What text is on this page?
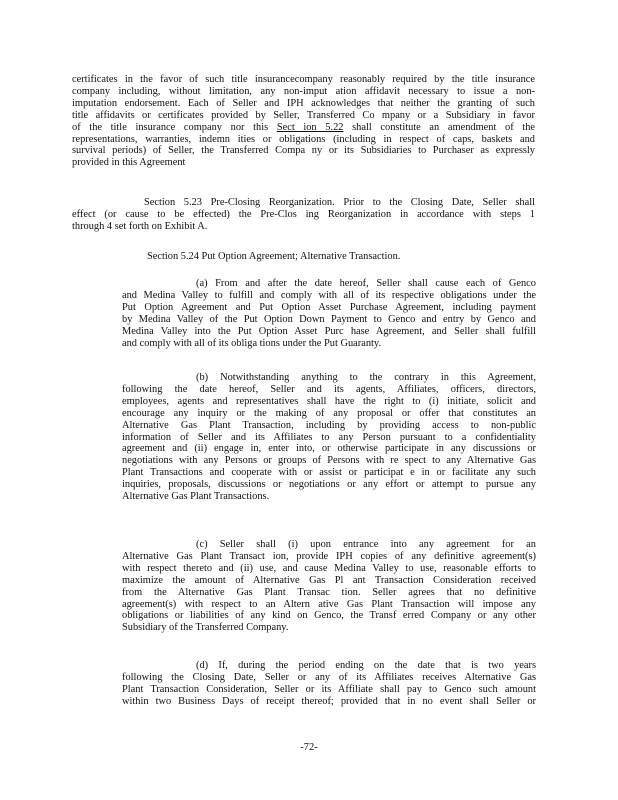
certificates in the favor of such title insurancecompany reasonably required by the title insurance
company including, without limitation, any non-imput ation affidavit necessary to issue a non-
imputation endorsement. Each of Seller and IPH acknowledges that neither the granting of such
title affidavits or certificates provided by Seller, Transferred Co mpany or a Subsidiary in favor
of the title insurance company nor this Sect ion 5.22 shall constitute an amendment of the
representations, warranties, indemn ities or obligations (including in respect of caps, baskets and
survival periods) of Seller, the Transferred Compa ny or its Subsidiaries to Purchaser as expressly
provided in this Agreement

Section 5.23 Pre-Closing Reorganization. Prior to the Closing Date, Seller shall
effect (or cause to be effected) the Pre-Clos ing Reorganization in accordance with steps 1
through 4 set forth on Exhibit A.

Section 5.24 Put Option Agreement; Alternative Transaction.

(a) From and after the date hereof, Seller shall cause each of Genco
and Medina Valley to fulfill and comply with all of its respective obligations under the
Put Option Agreement and Put Option Asset Purchase Agreement, including payment
by Medina Valley of the Put Option Down Payment to Genco and entry by Genco and
Medina Valley into the Put Option Asset Purc hase Agreement, and Seller shall fulfill
and comply with all of its obliga tions under the Put Guaranty.

(b) Notwithstanding anything to the contrary in this Agreement,
following the date hereof, Seller and its agents, Affiliates, officers, directors,
employees, agents and representatives shall have the right to (i) initiate, solicit and
encourage any inquiry or the making of any proposal or offer that constitutes an
Alternative Gas Plant Transaction, including by providing access to non-public
information of Seller and its Affiliates to any Person pursuant to a confidentiality
agreement and (ii) engage in, enter into, or otherwise participate in any discussions or
negotiations with any Persons or groups of Persons with re spect to any Alternative Gas
Plant Transactions and cooperate with or assist or participat e in or facilitate any such
inquiries, proposals, discussions or negotiations or any effort or attempt to pursue any
Alternative Gas Plant Transactions.

(c) Seller shall (i) upon entrance into any agreement for an
Alternative Gas Plant Transact ion, provide IPH copies of any definitive agreement(s)
with respect thereto and (ii) use, and cause Medina Valley to use, reasonable efforts to
maximize the amount of Alternative Gas Pl ant Transaction Consideration received
from the Alternative Gas Plant Transac tion. Seller agrees that no definitive
agreement(s) with respect to an Altern ative Gas Plant Transaction will impose any
obligations or liabilities of any kind on Genco, the Transf erred Company or any other
Subsidiary of the Transferred Company.

(d) If, during the period ending on the date that is two years
following the Closing Date, Seller or any of its Affiliates receives Alternative Gas
Plant Transaction Consideration, Seller or its Affiliate shall pay to Genco such amount
within two Business Days of receipt thereof; provided that in no event shall Seller or

-72-
